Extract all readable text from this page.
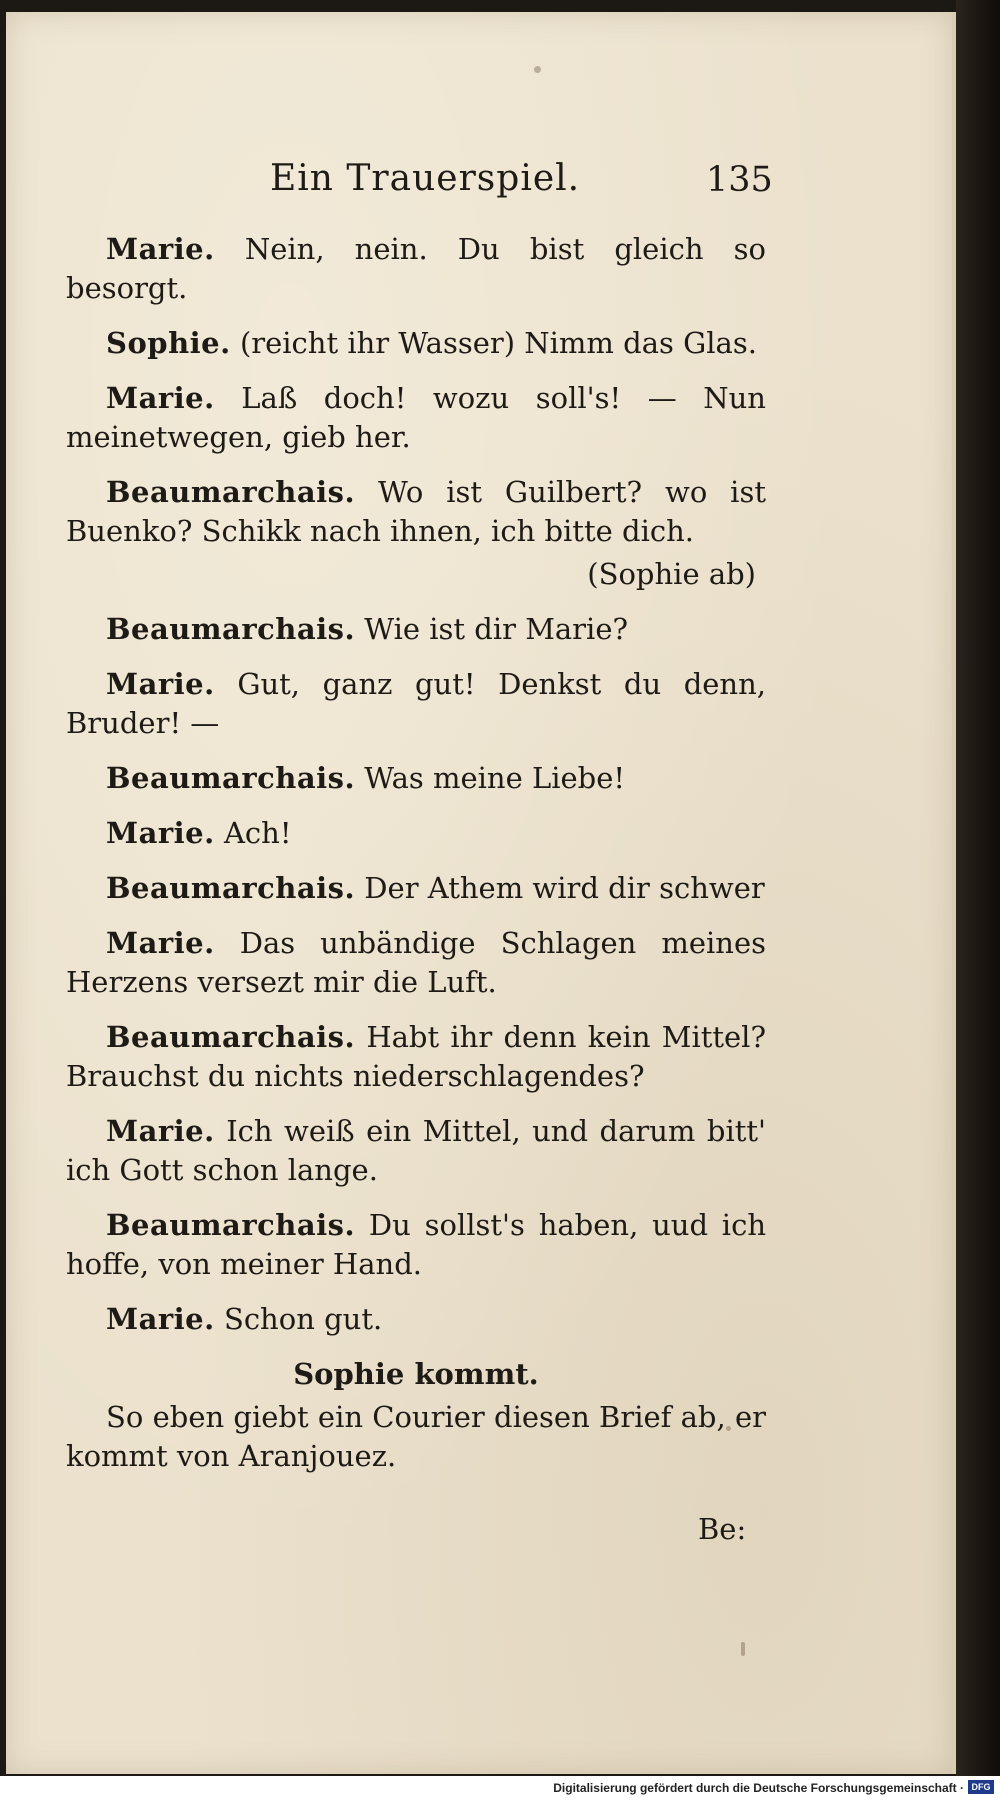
Ein Trauerspiel.	135

Marie. Nein, nein. Du bist gleich so besorgt.

Sophie. (reicht ihr Wasser) Nimm das Glas.

Marie. Laß doch! wozu soll's! — Nun meinetwegen, gieb her.

Beaumarchais. Wo ist Guilbert? wo ist Buenko? Schikk nach ihnen, ich bitte dich.

(Sophie ab)

Beaumarchais. Wie ist dir Marie?

Marie. Gut, ganz gut! Denkst du denn, Bruder! —

Beaumarchais. Was meine Liebe!

Marie. Ach!

Beaumarchais. Der Athem wird dir schwer

Marie. Das unbändige Schlagen meines Herzens versezt mir die Luft.

Beaumarchais. Habt ihr denn kein Mittel? Brauchst du nichts niederschlagendes?

Marie. Ich weiß ein Mittel, und darum bitt' ich Gott schon lange.

Beaumarchais. Du sollst's haben, uud ich hoffe, von meiner Hand.

Marie. Schon gut.

Sophie kommt.

So eben giebt ein Courier diesen Brief ab, er kommt von Aranjouez.

Be:
Digitalisierung gefördert durch die Deutsche Forschungsgemeinschaft · DFG
